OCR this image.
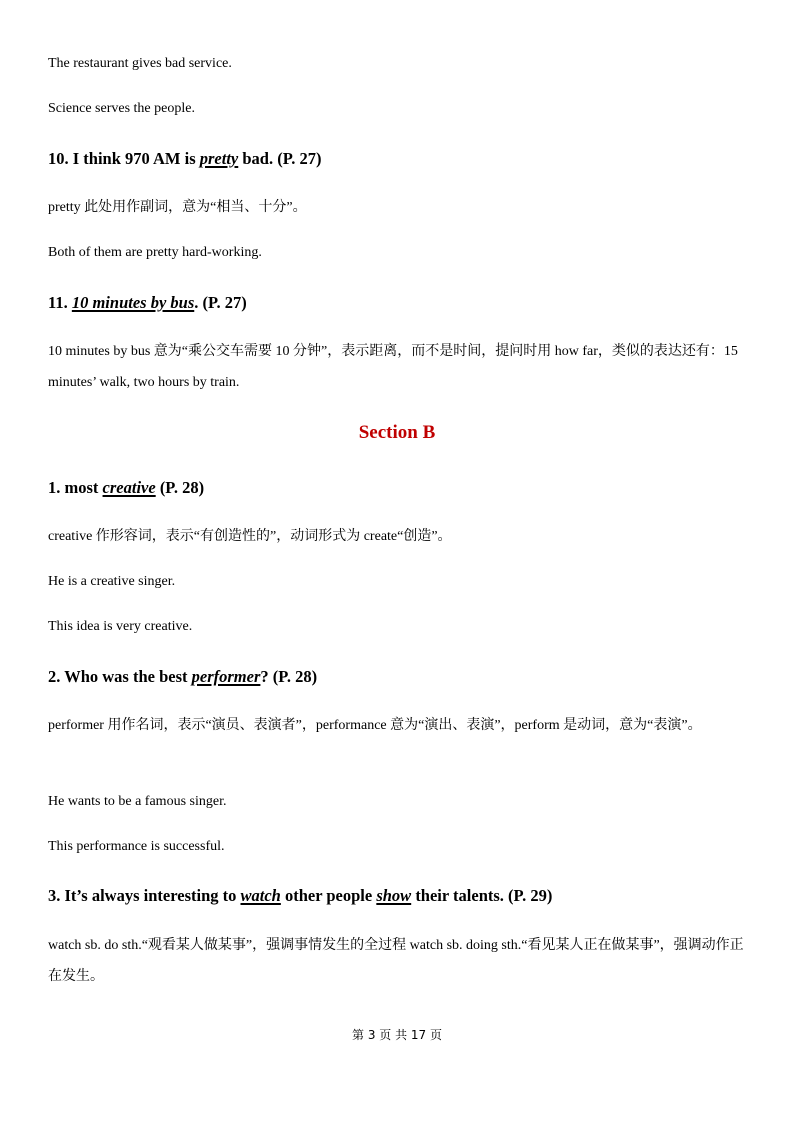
The restaurant gives bad service.

Science serves the people.

10. I think 970 AM is pretty bad. (P. 27)

pretty 此处用作副词，意为“相当、十分”。

Both of them are pretty hard-working.

11. 10 minutes by bus. (P. 27)

10 minutes by bus 意为“乘公交车需要 10 分钟”，表示距离，而不是时间，提问时用 how far，类似的表达还有：15 minutes’ walk, two hours by train.

Section B
1. most creative (P. 28)

creative 作形容词，表示“有创造性的”，动词形式为 create“创造”。

He is a creative singer.

This idea is very creative.

2. Who was the best performer? (P. 28)

performer 用作名词，表示“演员、表演者”，performance 意为“演出、表演”，perform 是动词，意为“表演”。

He wants to be a famous singer.

This performance is successful.

3. It’s always interesting to watch other people show their talents. (P. 29)

watch sb. do sth.“观看某人做某事”，强调事情发生的全过程 watch sb. doing sth.“看见某人正在做某事”，强调动作正在发生。

第 3 页 共 17 页
